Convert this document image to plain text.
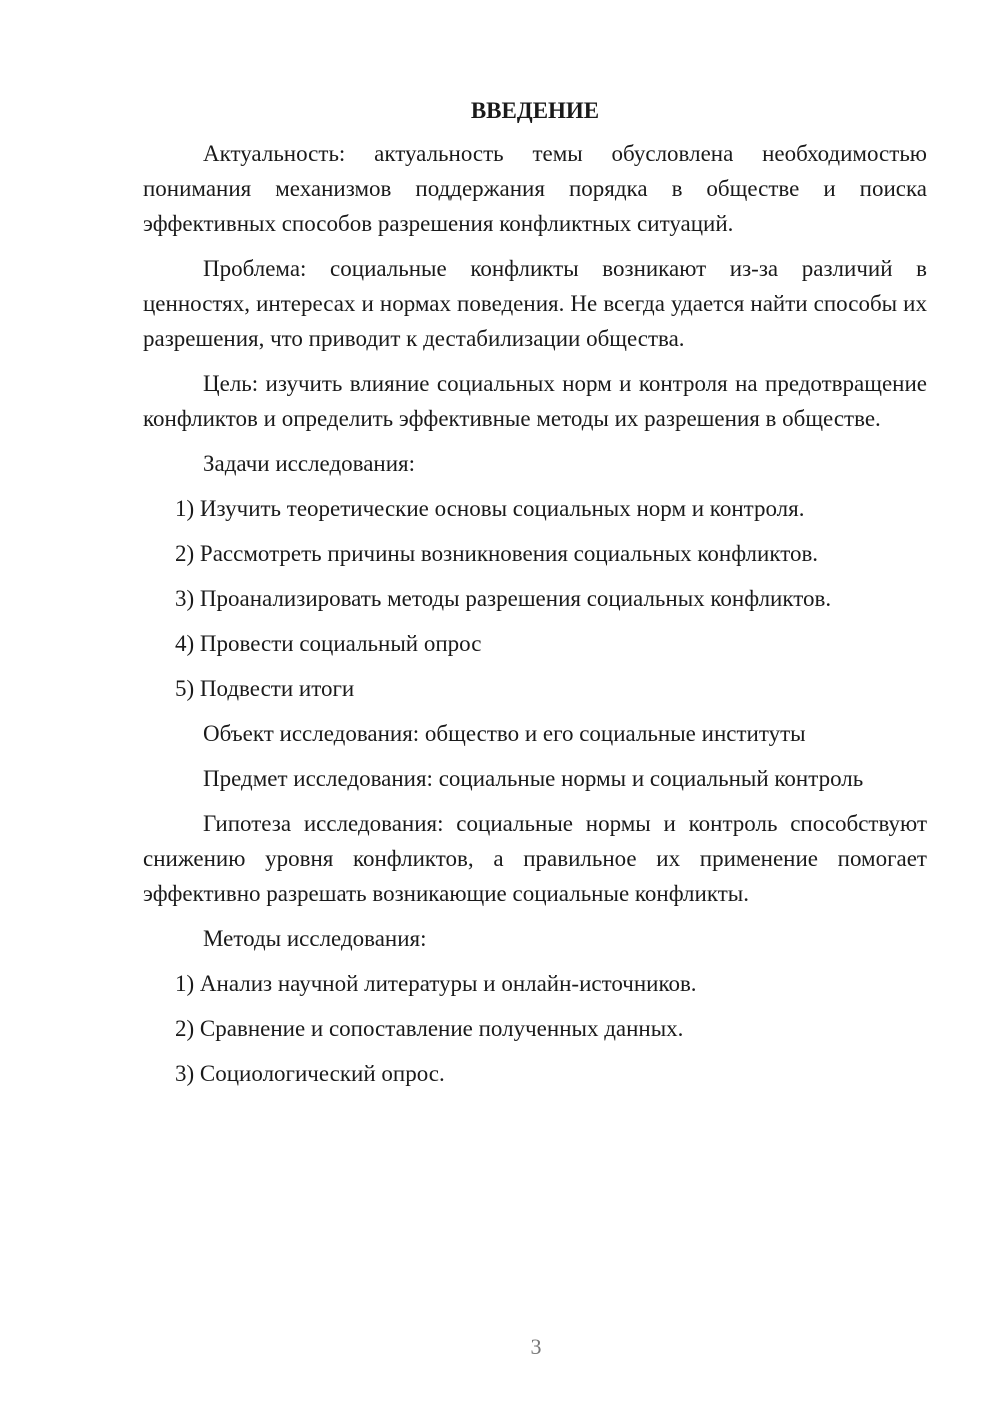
ВВЕДЕНИЕ

Актуальность: актуальность темы обусловлена необходимостью понимания механизмов поддержания порядка в обществе и поиска эффективных способов разрешения конфликтных ситуаций.

Проблема: социальные конфликты возникают из-за различий в ценностях, интересах и нормах поведения. Не всегда удается найти способы их разрешения, что приводит к дестабилизации общества.

Цель: изучить влияние социальных норм и контроля на предотвращение конфликтов и определить эффективные методы их разрешения в обществе.

Задачи исследования:
1) Изучить теоретические основы социальных норм и контроля.
2) Рассмотреть причины возникновения социальных конфликтов.
3) Проанализировать методы разрешения социальных конфликтов.
4) Провести социальный опрос
5) Подвести итоги
Объект исследования: общество и его социальные институты
Предмет исследования: социальные нормы и социальный контроль

Гипотеза исследования: социальные нормы и контроль способствуют снижению уровня конфликтов, а правильное их применение помогает эффективно разрешать возникающие социальные конфликты.

Методы исследования:
1) Анализ научной литературы и онлайн-источников.
2) Сравнение и сопоставление полученных данных.
3) Социологический опрос.
3
